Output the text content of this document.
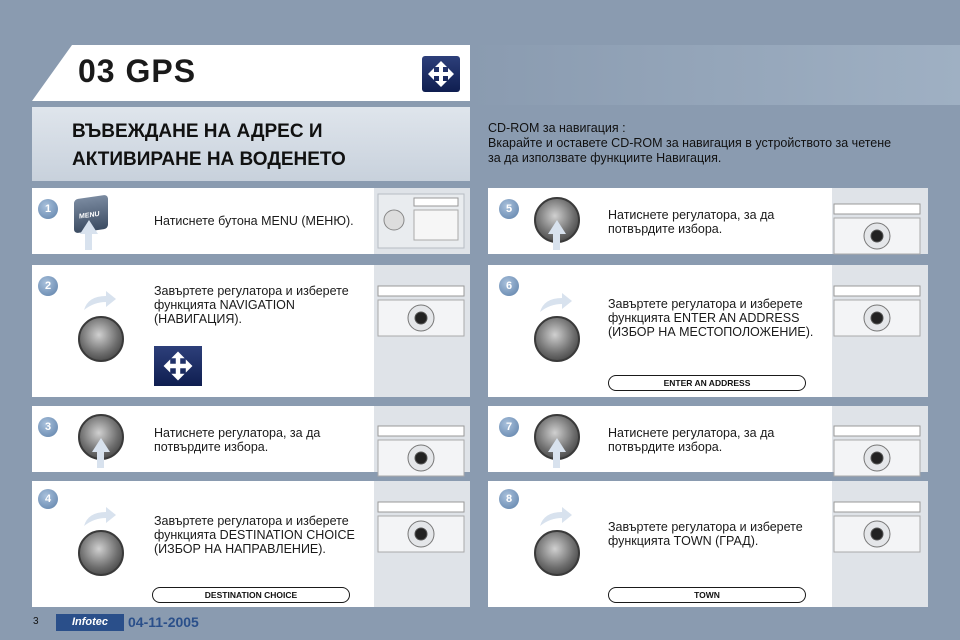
03 GPS
ВЪВЕЖДАНЕ НА АДРЕС И
АКТИВИРАНЕ НА ВОДЕНЕТО
CD-ROM за навигация :
Вкарайте и оставете CD-ROM за навигация в устройството за четене
за да използвате функциите Навигация.
1
MENU	Натиснете бутона MENU (МЕНЮ).
2	Завъртете регулатора и изберете
функцията NAVIGATION
(НАВИГАЦИЯ).
3	Натиснете регулатора, за да
потвърдите избора.
4
Завъртете регулатора и изберете
функцията DESTINATION CHOICE
(ИЗБОР НА НАПРАВЛЕНИЕ).
DESTINATION CHOICE
5	Натиснете регулатора, за да
потвърдите избора.
6
Завъртете регулатора и изберете
функцията ENTER AN ADDRESS
(ИЗБОР НА МЕСТОПОЛОЖЕНИЕ).
ENTER AN ADDRESS
7	Натиснете регулатора, за да
потвърдите избора.
8
Завъртете регулатора и изберете
функцията TOWN (ГРАД).
TOWN
3	Infotec	04-11-2005
